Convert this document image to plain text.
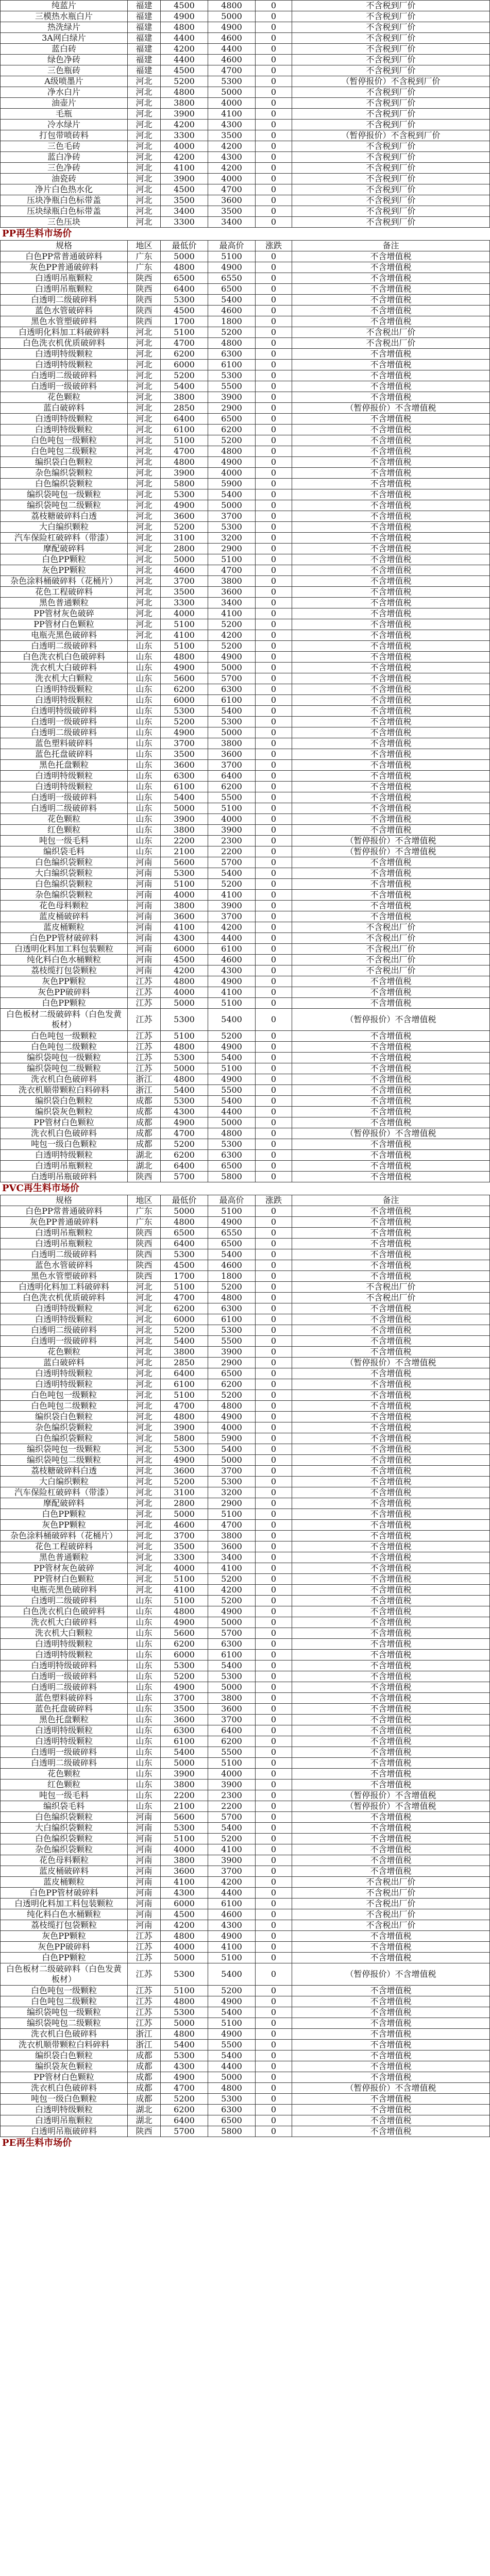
纯蓝片	福建	4500	4800	0	不含税到厂价
三模热水瓶白片	福建	4900	5000	0	不含税到厂价
热洗绿片	福建	4800	4900	0	不含税到厂价
3A网白绿片	福建	4400	4600	0	不含税到厂价
蓝白砖	福建	4200	4400	0	不含税到厂价
绿色净砖	福建	4400	4600	0	不含税到厂价
三色瓶砖	福建	4500	4700	0	不含税到厂价
A级喷墨片	河北	5200	5300	0	（暂停报价）不含税到厂价
净水白片	河北	4800	5000	0	不含税到厂价
油壶片	河北	3800	4000	0	不含税到厂价
毛瓶	河北	3900	4100	0	不含税到厂价
冷水绿片	河北	4200	4300	0	不含税到厂价
打包带喷砖料	河北	3300	3500	0	（暂停报价）不含税到厂价
三色毛砖	河北	4000	4200	0	不含税到厂价
蓝白净砖	河北	4200	4300	0	不含税到厂价
三色净砖	河北	4100	4200	0	不含税到厂价
油瓷砖	河北	3900	4000	0	不含税到厂价
净片白色热水化	河北	4500	4700	0	不含税到厂价
压块净瓶白色标带盖	河北	3500	3600	0	不含税到厂价
压块绿瓶白色标带盖	河北	3400	3500	0	不含税到厂价
三色压块	河北	3300	3400	0	不含税到厂价
PP再生料市场价
规格	地区	最低价	最高价	涨跌	备注
白色PP常普通破碎料	广东	5000	5100	0	不含增值税
灰色PP普通破碎料	广东	4800	4900	0	不含增值税
白透明吊瓶颗粒	陕西	6500	6550	0	不含增值税
白透明吊瓶颗粒	陕西	6400	6500	0	不含增值税
白透明二级破碎料	陕西	5300	5400	0	不含增值税
蓝色水管破碎料	陕西	4500	4600	0	不含增值税
黑色水管塑破碎料	陕西	1700	1800	0	不含增值税
白透明化料加工料破碎料	河北	5100	5200	0	不含税出厂价
白色洗衣机优质破碎料	河北	4700	4800	0	不含税出厂价
白透明特级颗粒	河北	6200	6300	0	不含增值税
白透明特级颗粒	河北	6000	6100	0	不含增值税
白透明二级破碎料	河北	5200	5300	0	不含增值税
白透明一级破碎料	河北	5400	5500	0	不含增值税
花色颗粒	河北	3800	3900	0	不含增值税
蓝白破碎料	河北	2850	2900	0	（暂停报价）不含增值税
白透明特级颗粒	河北	6400	6500	0	不含增值税
白透明特级颗粒	河北	6100	6200	0	不含增值税
白色吨包一级颗粒	河北	5100	5200	0	不含增值税
白色吨包二级颗粒	河北	4700	4800	0	不含增值税
编织袋白色颗粒	河北	4800	4900	0	不含增值税
杂色编织袋颗粒	河北	3900	4000	0	不含增值税
白色编织袋颗粒	河北	5800	5900	0	不含增值税
编织袋吨包一级颗粒	河北	5300	5400	0	不含增值税
编织袋吨包二级颗粒	河北	4900	5000	0	不含增值税
荔枝糖破碎料白透	河北	3600	3700	0	不含增值税
大白编织颗粒	河北	5200	5300	0	不含增值税
汽车保险杠破碎料（带漆）	河北	3100	3200	0	不含增值税
摩配破碎料	河北	2800	2900	0	不含增值税
白色PP颗粒	河北	5000	5100	0	不含增值税
灰色PP颗粒	河北	4600	4700	0	不含增值税
杂色涂料桶破碎料（花桶片）	河北	3700	3800	0	不含增值税
花色工程破碎料	河北	3500	3600	0	不含增值税
黑色普通颗粒	河北	3300	3400	0	不含增值税
PP管材灰色破碎	河北	4000	4100	0	不含增值税
PP管材白色颗粒	河北	5100	5200	0	不含增值税
电瓶壳黑色破碎料	河北	4100	4200	0	不含增值税
白透明二级破碎料	山东	5100	5200	0	不含增值税
白色洗衣机白色破碎料	山东	4800	4900	0	不含增值税
洗衣机大白破碎料	山东	4900	5000	0	不含增值税
洗衣机大白颗粒	山东	5600	5700	0	不含增值税
白透明特级颗粒	山东	6200	6300	0	不含增值税
白透明特级颗粒	山东	6000	6100	0	不含增值税
白透明特级破碎料	山东	5300	5400	0	不含增值税
白透明一级破碎料	山东	5200	5300	0	不含增值税
白透明二级破碎料	山东	4900	5000	0	不含增值税
蓝色塑料破碎料	山东	3700	3800	0	不含增值税
蓝色托盘破碎料	山东	3500	3600	0	不含增值税
黑色托盘颗粒	山东	3600	3700	0	不含增值税
白透明特级颗粒	山东	6300	6400	0	不含增值税
白透明特级颗粒	山东	6100	6200	0	不含增值税
白透明一级破碎料	山东	5400	5500	0	不含增值税
白透明二级破碎料	山东	5000	5100	0	不含增值税
花色颗粒	山东	3900	4000	0	不含增值税
红色颗粒	山东	3800	3900	0	不含增值税
吨包一级毛料	山东	2200	2300	0	（暂停报价）不含增值税
编织袋毛料	山东	2100	2200	0	（暂停报价）不含增值税
白色编织袋颗粒	河南	5600	5700	0	不含增值税
大白编织袋颗粒	河南	5300	5400	0	不含增值税
白色编织袋颗粒	河南	5100	5200	0	不含增值税
杂色编织袋颗粒	河南	4000	4100	0	不含增值税
花色母料颗粒	河南	3800	3900	0	不含增值税
蓝皮桶破碎料	河南	3600	3700	0	不含增值税
蓝皮桶颗粒	河南	4100	4200	0	不含税出厂价
白色PP管材破碎料	河南	4300	4400	0	不含税出厂价
白透明化料加工料包装颗粒	河南	6000	6100	0	不含税出厂价
纯化料白色水桶颗粒	河南	4500	4600	0	不含税出厂价
荔枝缆打包袋颗粒	河南	4200	4300	0	不含税出厂价
灰色PP颗粒	江苏	4800	4900	0	不含增值税
灰色PP破碎料	江苏	4000	4100	0	不含增值税
白色PP颗粒	江苏	5000	5100	0	不含增值税
白色板材二级破碎料（白色发黄板材）	江苏	5300	5400	0	（暂停报价）不含增值税
白色吨包一级颗粒	江苏	5100	5200	0	不含增值税
白色吨包二级颗粒	江苏	4800	4900	0	不含增值税
编织袋吨包一级颗粒	江苏	5300	5400	0	不含增值税
编织袋吨包二级颗粒	江苏	5000	5100	0	不含增值税
洗衣机白色破碎料	浙江	4800	4900	0	不含增值税
洗衣机顺带颗粒白料碎料	浙江	5400	5500	0	不含增值税
编织袋白色颗粒	成都	5300	5400	0	不含增值税
编织袋灰色颗粒	成都	4300	4400	0	不含增值税
PP管材白色颗粒	成都	4900	5000	0	不含增值税
洗衣机白色破碎料	成都	4700	4800	0	（暂停报价）不含增值税
吨包一级白色颗粒	成都	5200	5300	0	不含增值税
白透明特级颗粒	湖北	6200	6300	0	不含增值税
白透明吊瓶颗粒	湖北	6400	6500	0	不含增值税
白透明吊瓶破碎料	陕西	5700	5800	0	不含增值税
PVC再生料市场价
规格	地区	最低价	最高价	涨跌	备注
白色PP常普通破碎料	广东	5000	5100	0	不含增值税
灰色PP普通破碎料	广东	4800	4900	0	不含增值税
白透明吊瓶颗粒	陕西	6500	6550	0	不含增值税
白透明吊瓶颗粒	陕西	6400	6500	0	不含增值税
白透明二级破碎料	陕西	5300	5400	0	不含增值税
蓝色水管破碎料	陕西	4500	4600	0	不含增值税
黑色水管塑破碎料	陕西	1700	1800	0	不含增值税
白透明化料加工料破碎料	河北	5100	5200	0	不含税出厂价
白色洗衣机优质破碎料	河北	4700	4800	0	不含税出厂价
白透明特级颗粒	河北	6200	6300	0	不含增值税
白透明特级颗粒	河北	6000	6100	0	不含增值税
白透明二级破碎料	河北	5200	5300	0	不含增值税
白透明一级破碎料	河北	5400	5500	0	不含增值税
花色颗粒	河北	3800	3900	0	不含增值税
蓝白破碎料	河北	2850	2900	0	（暂停报价）不含增值税
白透明特级颗粒	河北	6400	6500	0	不含增值税
白透明特级颗粒	河北	6100	6200	0	不含增值税
白色吨包一级颗粒	河北	5100	5200	0	不含增值税
白色吨包二级颗粒	河北	4700	4800	0	不含增值税
编织袋白色颗粒	河北	4800	4900	0	不含增值税
杂色编织袋颗粒	河北	3900	4000	0	不含增值税
白色编织袋颗粒	河北	5800	5900	0	不含增值税
编织袋吨包一级颗粒	河北	5300	5400	0	不含增值税
编织袋吨包二级颗粒	河北	4900	5000	0	不含增值税
荔枝糖破碎料白透	河北	3600	3700	0	不含增值税
大白编织颗粒	河北	5200	5300	0	不含增值税
汽车保险杠破碎料（带漆）	河北	3100	3200	0	不含增值税
摩配破碎料	河北	2800	2900	0	不含增值税
白色PP颗粒	河北	5000	5100	0	不含增值税
灰色PP颗粒	河北	4600	4700	0	不含增值税
杂色涂料桶破碎料（花桶片）	河北	3700	3800	0	不含增值税
花色工程破碎料	河北	3500	3600	0	不含增值税
黑色普通颗粒	河北	3300	3400	0	不含增值税
PP管材灰色破碎	河北	4000	4100	0	不含增值税
PP管材白色颗粒	河北	5100	5200	0	不含增值税
电瓶壳黑色破碎料	河北	4100	4200	0	不含增值税
白透明二级破碎料	山东	5100	5200	0	不含增值税
白色洗衣机白色破碎料	山东	4800	4900	0	不含增值税
洗衣机大白破碎料	山东	4900	5000	0	不含增值税
洗衣机大白颗粒	山东	5600	5700	0	不含增值税
白透明特级颗粒	山东	6200	6300	0	不含增值税
白透明特级颗粒	山东	6000	6100	0	不含增值税
白透明特级破碎料	山东	5300	5400	0	不含增值税
白透明一级破碎料	山东	5200	5300	0	不含增值税
白透明二级破碎料	山东	4900	5000	0	不含增值税
蓝色塑料破碎料	山东	3700	3800	0	不含增值税
蓝色托盘破碎料	山东	3500	3600	0	不含增值税
黑色托盘颗粒	山东	3600	3700	0	不含增值税
白透明特级颗粒	山东	6300	6400	0	不含增值税
白透明特级颗粒	山东	6100	6200	0	不含增值税
白透明一级破碎料	山东	5400	5500	0	不含增值税
白透明二级破碎料	山东	5000	5100	0	不含增值税
花色颗粒	山东	3900	4000	0	不含增值税
红色颗粒	山东	3800	3900	0	不含增值税
吨包一级毛料	山东	2200	2300	0	（暂停报价）不含增值税
编织袋毛料	山东	2100	2200	0	（暂停报价）不含增值税
白色编织袋颗粒	河南	5600	5700	0	不含增值税
大白编织袋颗粒	河南	5300	5400	0	不含增值税
白色编织袋颗粒	河南	5100	5200	0	不含增值税
杂色编织袋颗粒	河南	4000	4100	0	不含增值税
花色母料颗粒	河南	3800	3900	0	不含增值税
蓝皮桶破碎料	河南	3600	3700	0	不含增值税
蓝皮桶颗粒	河南	4100	4200	0	不含税出厂价
白色PP管材破碎料	河南	4300	4400	0	不含税出厂价
白透明化料加工料包装颗粒	河南	6000	6100	0	不含税出厂价
纯化料白色水桶颗粒	河南	4500	4600	0	不含税出厂价
荔枝缆打包袋颗粒	河南	4200	4300	0	不含税出厂价
灰色PP颗粒	江苏	4800	4900	0	不含增值税
灰色PP破碎料	江苏	4000	4100	0	不含增值税
白色PP颗粒	江苏	5000	5100	0	不含增值税
白色板材二级破碎料（白色发黄板材）	江苏	5300	5400	0	（暂停报价）不含增值税
白色吨包一级颗粒	江苏	5100	5200	0	不含增值税
白色吨包二级颗粒	江苏	4800	4900	0	不含增值税
编织袋吨包一级颗粒	江苏	5300	5400	0	不含增值税
编织袋吨包二级颗粒	江苏	5000	5100	0	不含增值税
洗衣机白色破碎料	浙江	4800	4900	0	不含增值税
洗衣机顺带颗粒白料碎料	浙江	5400	5500	0	不含增值税
编织袋白色颗粒	成都	5300	5400	0	不含增值税
编织袋灰色颗粒	成都	4300	4400	0	不含增值税
PP管材白色颗粒	成都	4900	5000	0	不含增值税
洗衣机白色破碎料	成都	4700	4800	0	（暂停报价）不含增值税
吨包一级白色颗粒	成都	5200	5300	0	不含增值税
白透明特级颗粒	湖北	6200	6300	0	不含增值税
白透明吊瓶颗粒	湖北	6400	6500	0	不含增值税
白透明吊瓶破碎料	陕西	5700	5800	0	不含增值税
PE再生料市场价
